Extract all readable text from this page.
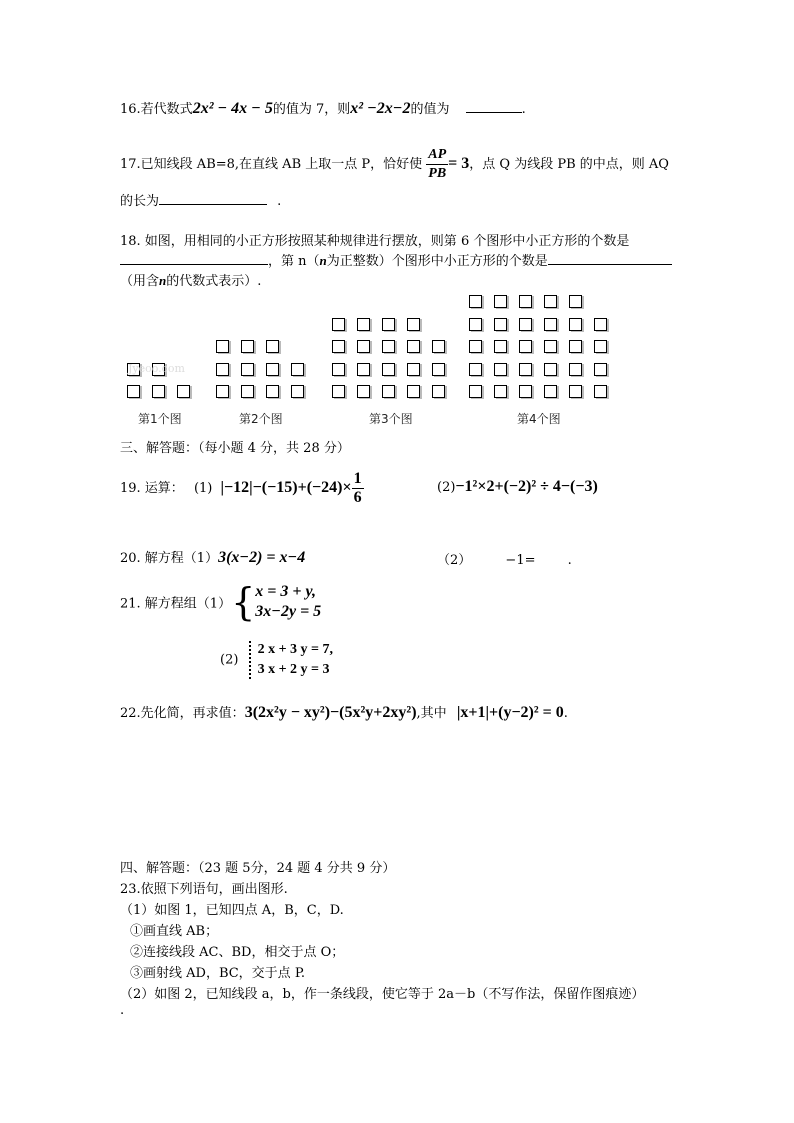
16.若代数式2x² − 4x − 5的值为 7，则x² −2x−2的值为	.
17.已知线段 AB=8,在直线 AB 上取一点 P，恰好使 $\frac{AP}{PB} = 3$，点 Q 为线段 PB 的中点，则 AQ
的长为	.
18. 如图，用相同的小正方形按照某种规律进行摆放，则第 6 个图形中小正方形的个数是
，第 n（n为正整数）个图形中小正方形的个数是
（用含n的代数式表示）.
第1个图	第2个图	第3个图	第4个图
Jyeoo.com
三、解答题：（每小题 4 分，共 28 分）
19. 运算： (1) $|-12|-(-15)+(-24)\times \frac{1}{6}$	(2)−1²×2+(−2)² ÷ 4−(−3)
20. 解方程（1）3(x−2) = x−4	（2）	−1= .
21. 解方程组（1）{ x = 3 + y,
3x−2y = 5
(2)
2 x + 3 y = 7,
3 x + 2 y = 3
22.先化简，再求值：3(2x²y − xy²)−(5x²y+2xy²),其中 |x+1|+(y−2)² = 0.
四、解答题：（23 题 5分，24 题 4 分共 9 分）
23.依照下列语句，画出图形.
（1）如图 1，已知四点 A，B，C，D.
①画直线 AB；
②连接线段 AC、BD，相交于点 O；
③画射线 AD，BC，交于点 P.
（2）如图 2，已知线段 a，b，作一条线段，使它等于 2a－b（不写作法，保留作图痕迹）
.
